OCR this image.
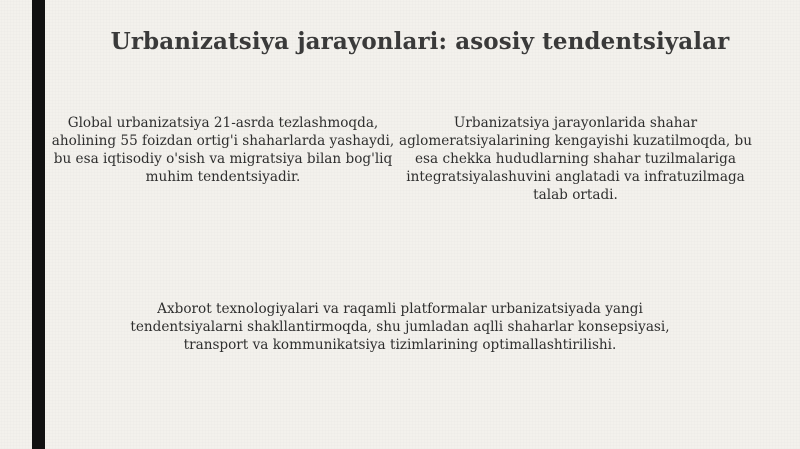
Urbanizatsiya jarayonlari: asosiy tendentsiyalar

Global urbanizatsiya 21-asrda tezlashmoqda, aholining 55 foizdan ortig'i shaharlarda yashaydi, bu esa iqtisodiy o'sish va migratsiya bilan bog'liq muhim tendentsiyadir.

Urbanizatsiya jarayonlarida shahar aglomeratsiyalarining kengayishi kuzatilmoqda, bu esa chekka hududlarning shahar tuzilmalariga integratsiyalashuvini anglatadi va infratuzilmaga talab ortadi.

Axborot texnologiyalari va raqamli platformalar urbanizatsiyada yangi tendentsiyalarni shakllantirmoqda, shu jumladan aqlli shaharlar konsepsiyasi, transport va kommunikatsiya tizimlarining optimallashtirilishi.
